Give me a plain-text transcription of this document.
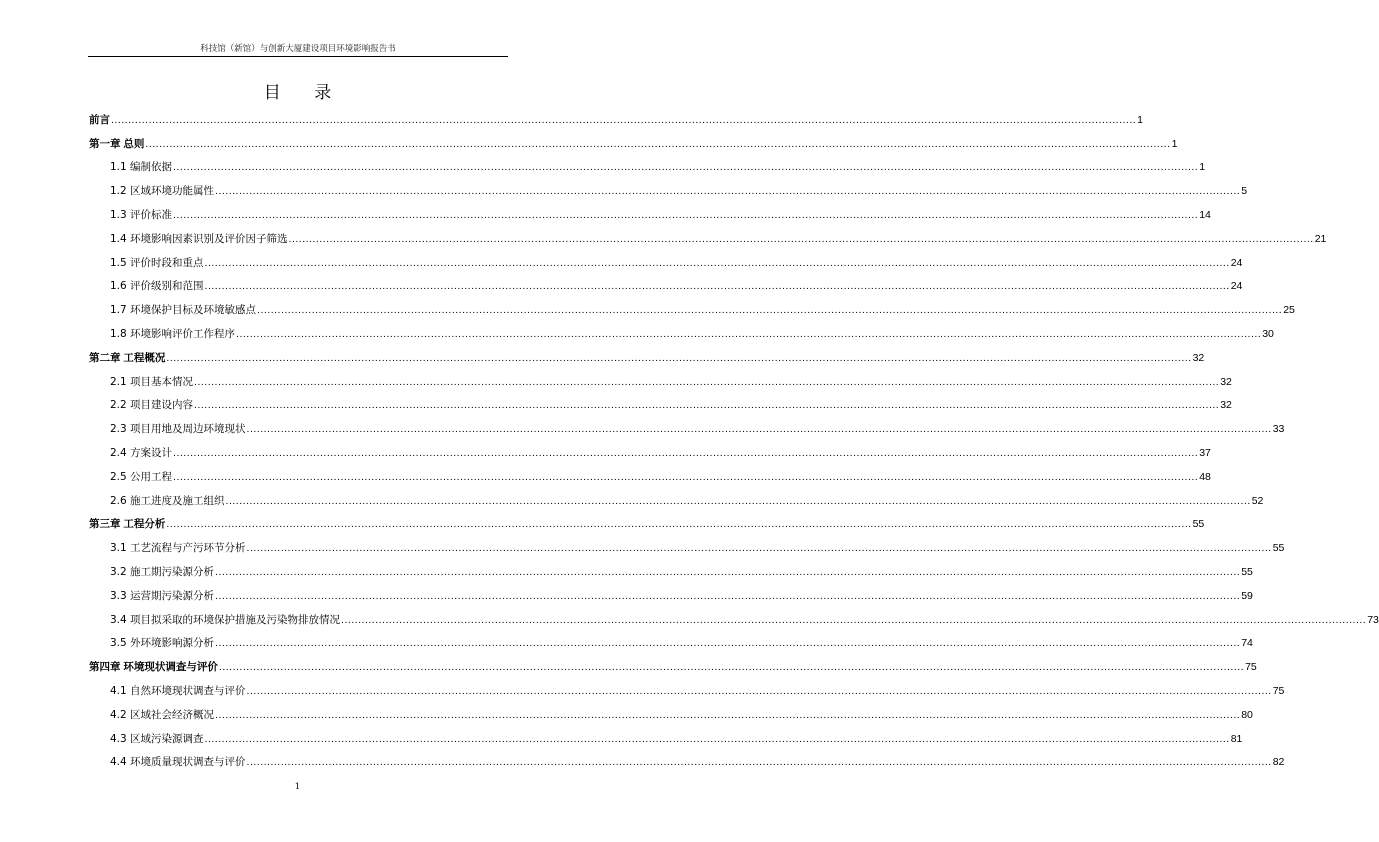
科技馆（新馆）与创新大厦建设项目环境影响报告书
目 录
前言 ............................................................................................................................................................................................................................................................................................................ 1
第一章 总则 ............................................................................................................................................................................................................................................................................................................ 1
1.1 编制依据 ............................................................................................................................................................................................................................................................................................................ 1
1.2 区域环境功能属性 ............................................................................................................................................................................................................................................................................................................ 5
1.3 评价标准 ............................................................................................................................................................................................................................................................................................................ 14
1.4 环境影响因素识别及评价因子筛选 ............................................................................................................................................................................................................................................................................................................ 21
1.5 评价时段和重点 ............................................................................................................................................................................................................................................................................................................ 24
1.6 评价级别和范围 ............................................................................................................................................................................................................................................................................................................ 24
1.7 环境保护目标及环境敏感点 ............................................................................................................................................................................................................................................................................................................ 25
1.8 环境影响评价工作程序 ............................................................................................................................................................................................................................................................................................................ 30
第二章 工程概况 ............................................................................................................................................................................................................................................................................................................ 32
2.1 项目基本情况 ............................................................................................................................................................................................................................................................................................................ 32
2.2 项目建设内容 ............................................................................................................................................................................................................................................................................................................ 32
2.3 项目用地及周边环境现状 ............................................................................................................................................................................................................................................................................................................ 33
2.4 方案设计 ............................................................................................................................................................................................................................................................................................................ 37
2.5 公用工程 ............................................................................................................................................................................................................................................................................................................ 48
2.6 施工进度及施工组织 ............................................................................................................................................................................................................................................................................................................ 52
第三章 工程分析 ............................................................................................................................................................................................................................................................................................................ 55
3.1 工艺流程与产污环节分析 ............................................................................................................................................................................................................................................................................................................ 55
3.2 施工期污染源分析 ............................................................................................................................................................................................................................................................................................................ 55
3.3 运营期污染源分析 ............................................................................................................................................................................................................................................................................................................ 59
3.4 项目拟采取的环境保护措施及污染物排放情况 ............................................................................................................................................................................................................................................................................................................ 73
3.5 外环境影响源分析 ............................................................................................................................................................................................................................................................................................................ 74
第四章 环境现状调查与评价 ............................................................................................................................................................................................................................................................................................................ 75
4.1 自然环境现状调查与评价 ............................................................................................................................................................................................................................................................................................................ 75
4.2 区域社会经济概况 ............................................................................................................................................................................................................................................................................................................ 80
4.3 区域污染源调查 ............................................................................................................................................................................................................................................................................................................ 81
4.4 环境质量现状调查与评价 ............................................................................................................................................................................................................................................................................................................ 82
1
